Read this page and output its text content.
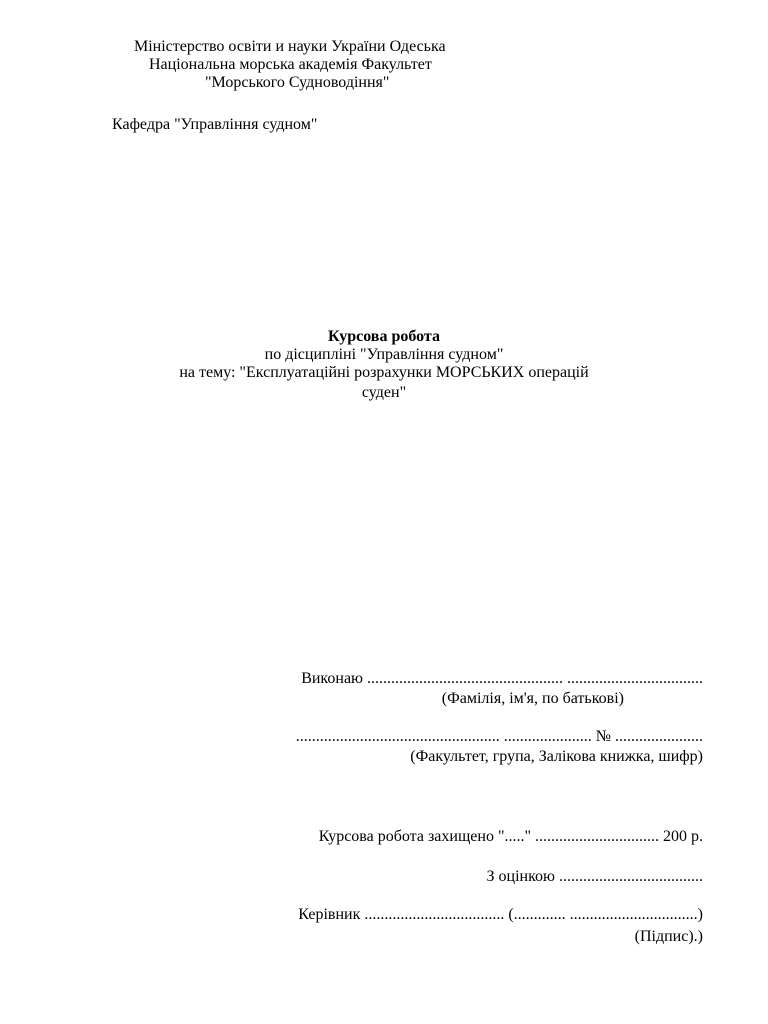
Міністерство освіти и науки України Одеська
Національна морська академія Факультет
"Морського Судноводіння"
Кафедра "Управління судном"
Курсова робота
по дісципліні "Управління судном"
на тему: "Експлуатаційні розрахунки МОРСЬКИХ операцій
суден"
Виконаю ................................................. ..................................
(Фамілія, ім'я, по батькові)
................................................... ...................... № ......................
(Факультет, група, Залікова книжка, шифр)
Курсова робота захищено "....." ............................... 200 р.
З оцінкою ....................................
Керівник ................................... (............. ................................)
(Підпис).)
